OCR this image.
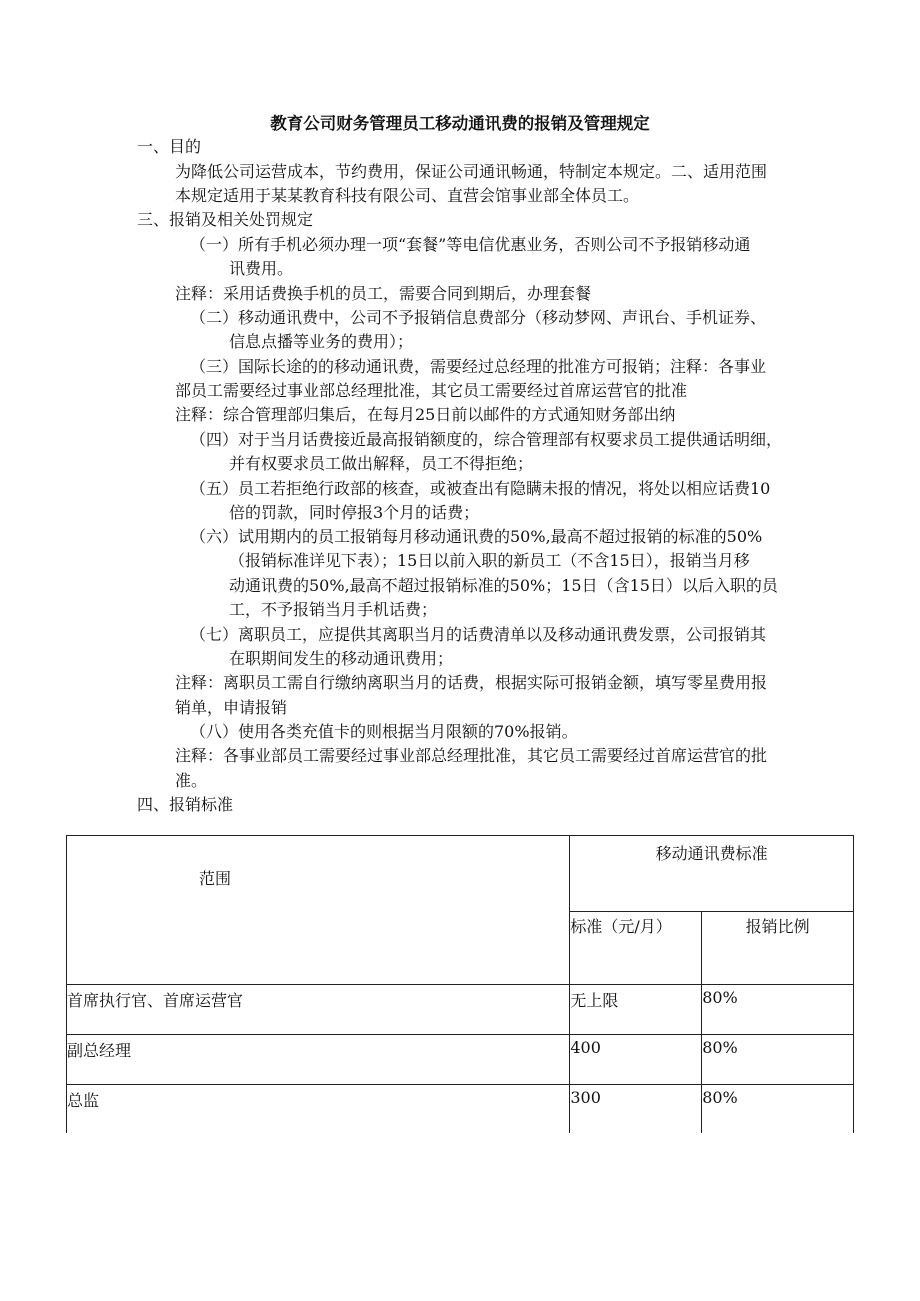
教育公司财务管理员工移动通讯费的报销及管理规定
一、目的
为降低公司运营成本，节约费用，保证公司通讯畅通，特制定本规定。二、适用范围
本规定适用于某某教育科技有限公司、直营会馆事业部全体员工。
三、报销及相关处罚规定
（一）所有手机必须办理一项“套餐”等电信优惠业务，否则公司不予报销移动通
讯费用。
注释：采用话费换手机的员工，需要合同到期后，办理套餐
（二）移动通讯费中，公司不予报销信息费部分（移动梦网、声讯台、手机证券、
信息点播等业务的费用）；
（三）国际长途的的移动通讯费，需要经过总经理的批准方可报销；注释：各事业
部员工需要经过事业部总经理批准，其它员工需要经过首席运营官的批准
注释：综合管理部归集后，在每月25日前以邮件的方式通知财务部出纳
（四）对于当月话费接近最高报销额度的，综合管理部有权要求员工提供通话明细，
并有权要求员工做出解释，员工不得拒绝；
（五）员工若拒绝行政部的核查，或被查出有隐瞒未报的情况，将处以相应话费10
倍的罚款，同时停报3个月的话费；
（六）试用期内的员工报销每月移动通讯费的50%,最高不超过报销的标准的50%
（报销标准详见下表）；15日以前入职的新员工（不含15日），报销当月移
动通讯费的50%,最高不超过报销标准的50%；15日（含15日）以后入职的员
工，不予报销当月手机话费；
（七）离职员工，应提供其离职当月的话费清单以及移动通讯费发票，公司报销其
在职期间发生的移动通讯费用；
注释：离职员工需自行缴纳离职当月的话费，根据实际可报销金额，填写零星费用报
销单，申请报销
（八）使用各类充值卡的则根据当月限额的70%报销。
注释：各事业部员工需要经过事业部总经理批准，其它员工需要经过首席运营官的批
准。
四、报销标准
范围	移动通讯费标准	

	标准（元/月）	报销比例

首席执行官、首席运营官	无上限	80%

副总经理	400	80%

总监	300	80%
